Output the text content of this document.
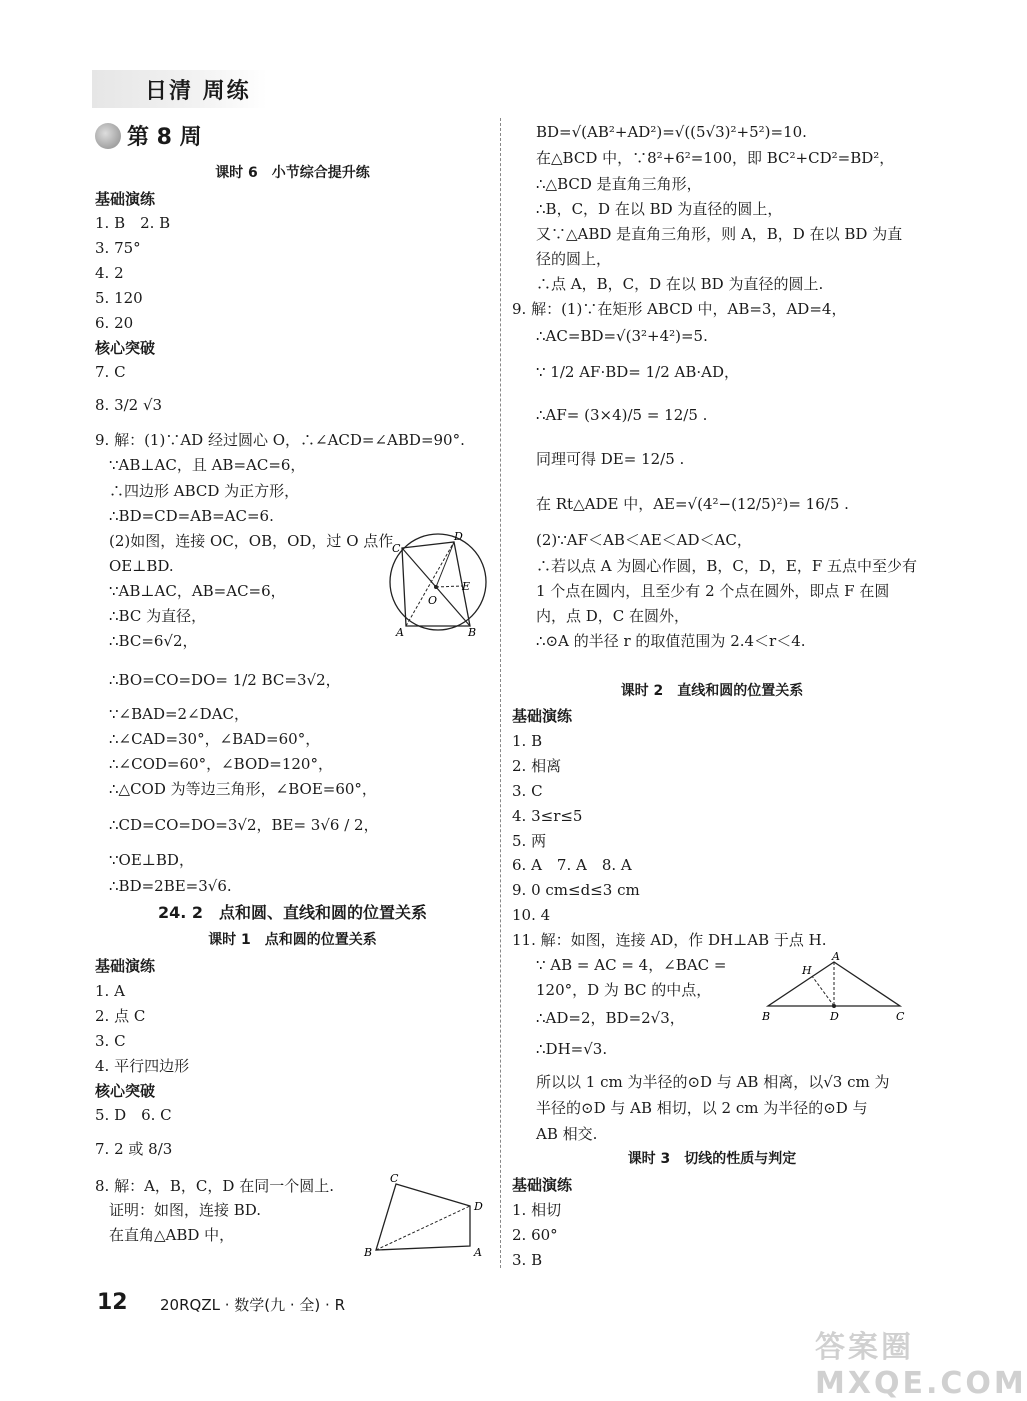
日清 周练
第 8 周
课时 6　小节综合提升练
基础演练
1. B　2. B
3. 75°
4. 2
5. 120
6. 20
核心突破
7. C
8. 3/2 √3
9. 解：(1)∵AD 经过圆心 O，∴∠ACD=∠ABD=90°.
∵AB⊥AC，且 AB=AC=6，
∴四边形 ABCD 为正方形，
∴BD=CD=AB=AC=6.
(2)如图，连接 OC，OB，OD，过 O 点作
OE⊥BD.
∵AB⊥AC，AB=AC=6，
∴BC 为直径，
∴BC=6√2，
∴BO=CO=DO= 1/2 BC=3√2，
∵∠BAD=2∠DAC，
∴∠CAD=30°，∠BAD=60°，
∴∠COD=60°，∠BOD=120°，
∴△COD 为等边三角形，∠BOE=60°，
∴CD=CO=DO=3√2，BE= 3√6 / 2，
∵OE⊥BD，
∴BD=2BE=3√6.
24. 2　点和圆、直线和圆的位置关系
课时 1　点和圆的位置关系
基础演练
1. A
2. 点 C
3. C
4. 平行四边形
核心突破
5. D　6. C
7. 2 或 8/3
8. 解：A，B，C，D 在同一个圆上.
证明：如图，连接 BD.
在直角△ABD 中，
BD=√(AB²+AD²)=√((5√3)²+5²)=10.
在△BCD 中，∵8²+6²=100，即 BC²+CD²=BD²，
∴△BCD 是直角三角形，
∴B，C，D 在以 BD 为直径的圆上，
又∵△ABD 是直角三角形，则 A，B，D 在以 BD 为直
径的圆上，
∴点 A，B，C，D 在以 BD 为直径的圆上.
9. 解：(1)∵在矩形 ABCD 中，AB=3，AD=4，
∴AC=BD=√(3²+4²)=5.
∵ 1/2 AF·BD= 1/2 AB·AD，
∴AF= (3×4)/5 = 12/5 .
同理可得 DE= 12/5 .
在 Rt△ADE 中，AE=√(4²−(12/5)²)= 16/5 .
(2)∵AF＜AB＜AE＜AD＜AC，
∴若以点 A 为圆心作圆，B，C，D，E，F 五点中至少有
1 个点在圆内，且至少有 2 个点在圆外，即点 F 在圆
内，点 D，C 在圆外，
∴⊙A 的半径 r 的取值范围为 2.4＜r＜4.
课时 2　直线和圆的位置关系
基础演练
1. B
2. 相离
3. C
4. 3≤r≤5
5. 两
6. A　7. A　8. A
9. 0 cm≤d≤3 cm
10. 4
11. 解：如图，连接 AD，作 DH⊥AB 于点 H.
∵ AB = AC = 4，∠BAC =
120°，D 为 BC 的中点，
∴AD=2，BD=2√3，
∴DH=√3.
所以以 1 cm 为半径的⊙D 与 AB 相离，以√3 cm 为
半径的⊙D 与 AB 相切，以 2 cm 为半径的⊙D 与
AB 相交.
课时 3　切线的性质与判定
基础演练
1. 相切
2. 60°
3. B
C
D
O
E
A	B
C
D
B	A
H
A
B	D	C
12 20RQZL · 数学(九 · 全) · R
答案圈 MXQE.COM
